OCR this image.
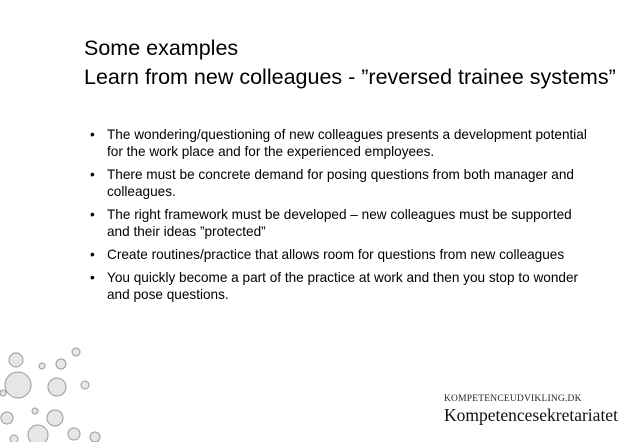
Some examples
Learn from new colleagues - ”reversed trainee systems”
• The wondering/questioning of new colleagues presents a development potential for the work place and for the experienced employees.
• There must be concrete demand for posing questions from both manager and colleagues.
• The right framework must be developed – new colleagues must be supported and their ideas ”protected”
• Create routines/practice that allows room for questions from new colleagues
• You quickly become a part of the practice at work and then you stop to wonder and pose questions.
KOMPETENCEUDVIKLING.DK
Kompetencesekretariatet
